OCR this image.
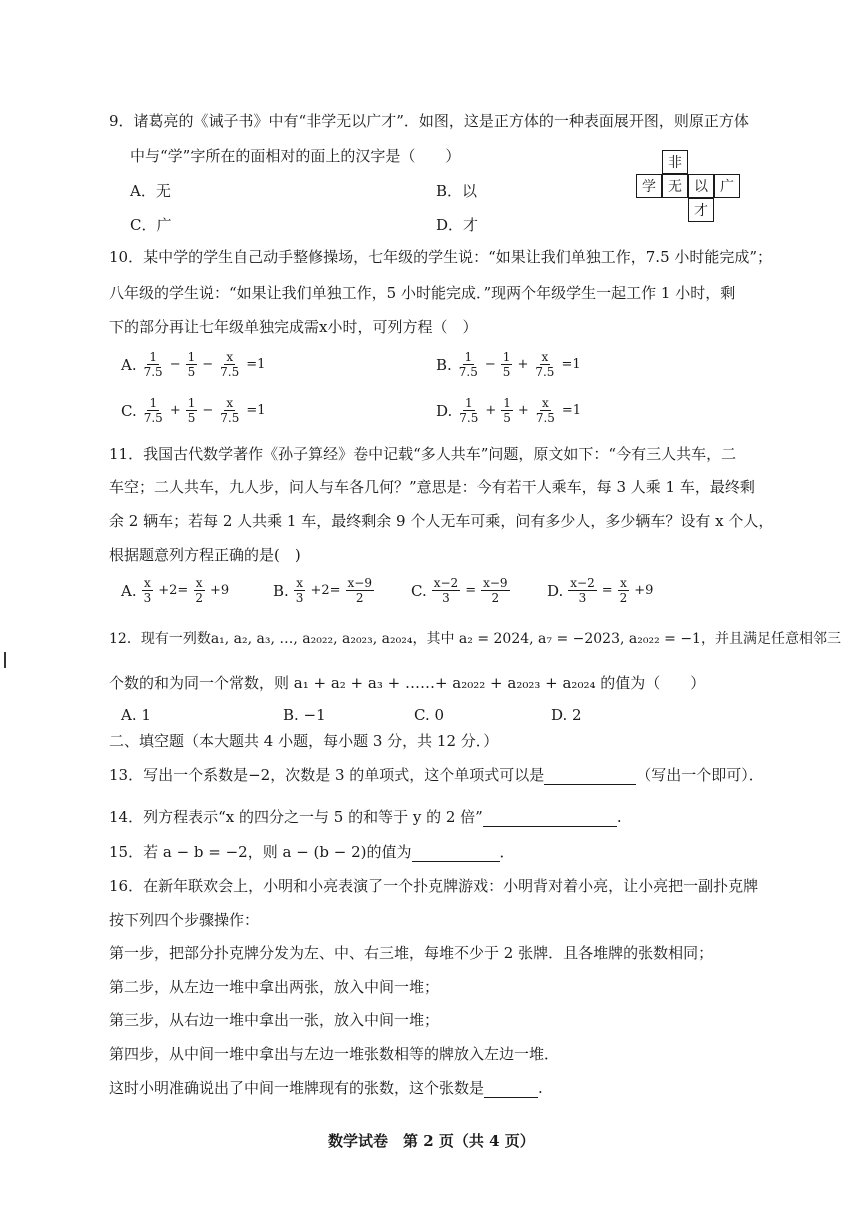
9．诸葛亮的《诫子书》中有“非学无以广才”．如图，这是正方体的一种表面展开图，则原正方体
中与“学”字所在的面相对的面上的汉字是（　　）
A．无	B．以
C．广	D．才
非
学 无 以 广
才
10．某中学的学生自己动手整修操场，七年级的学生说：“如果让我们单独工作，7.5 小时能完成”；
八年级的学生说：“如果让我们单独工作，5 小时能完成．”现两个年级学生一起工作 1 小时，剩
下的部分再让七年级单独完成需x小时，可列方程（　）
A. $\frac{1}{7.5} - \frac{1}{5} - \frac{x}{7.5} =1$	B. $\frac{1}{7.5} - \frac{1}{5} + \frac{x}{7.5} =1$
C. $\frac{1}{7.5} + \frac{1}{5} - \frac{x}{7.5} =1$	D. $\frac{1}{7.5} + \frac{1}{5} + \frac{x}{7.5} =1$
11．我国古代数学著作《孙子算经》卷中记载“多人共车”问题，原文如下：“今有三人共车，二
车空；二人共车，九人步，问人与车各几何？”意思是：今有若干人乘车，每 3 人乘 1 车，最终剩
余 2 辆车；若每 2 人共乘 1 车，最终剩余 9 个人无车可乘，问有多少人，多少辆车？设有 x 个人，
根据题意列方程正确的是(　)
A. $\frac{x}{3} +2= \frac{x}{2} +9$	B. $\frac{x}{3} +2= \frac{x-9}{2} C$. $\frac{x-2}{3} = \frac{x-9}{2} D$. $\frac{x-2}{3} = \frac{x}{2} +9$
12．现有一列数a₁, a₂, a₃, …, a₂₀₂₂, a₂₀₂₃, a₂₀₂₄，其中 a₂ = 2024, a₇ = −2023, a₂₀₂₂ = −1，并且满足任意相邻三
个数的和为同一个常数，则 a₁ + a₂ + a₃ + ……+ a₂₀₂₂ + a₂₀₂₃ + a₂₀₂₄ 的值为（　　）
A. 1	B. −1	C. 0	D. 2
二、填空题（本大题共 4 小题，每小题 3 分，共 12 分．）
13．写出一个系数是−2，次数是 3 的单项式，这个单项式可以是	（写出一个即可）．
14．列方程表示“x 的四分之一与 5 的和等于 y 的 2 倍”	.
15．若 a − b = −2，则 a − (b − 2)的值为	．
16．在新年联欢会上，小明和小亮表演了一个扑克牌游戏：小明背对着小亮，让小亮把一副扑克牌
按下列四个步骤操作：
第一步，把部分扑克牌分发为左、中、右三堆，每堆不少于 2 张牌．且各堆牌的张数相同；
第二步，从左边一堆中拿出两张，放入中间一堆；
第三步，从右边一堆中拿出一张，放入中间一堆；
第四步，从中间一堆中拿出与左边一堆张数相等的牌放入左边一堆．
这时小明准确说出了中间一堆牌现有的张数，这个张数是	.
数学试卷　第 2 页（共 4 页）
